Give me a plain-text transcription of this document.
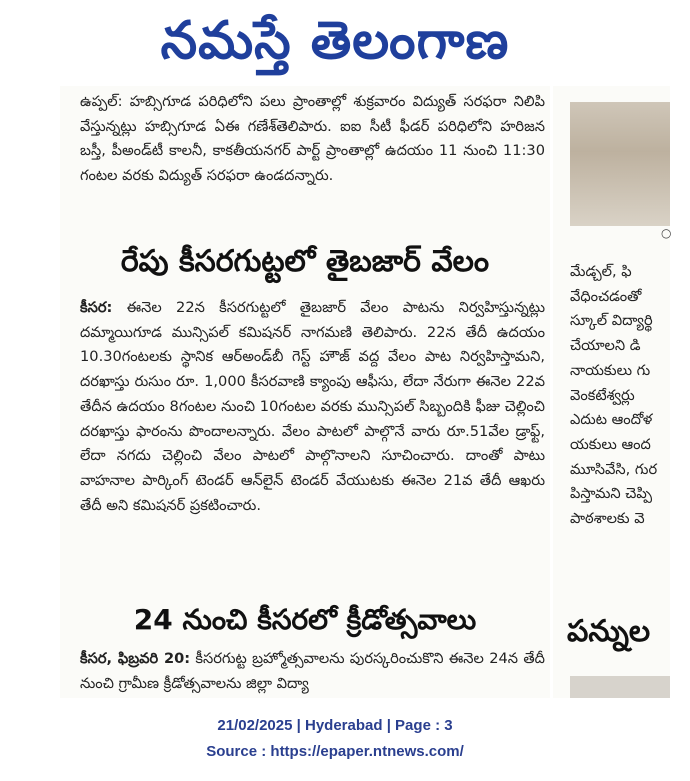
నమస్తే తెలంగాణ

ఉప్పల్: హబ్సిగూడ పరిధిలోని పలు ప్రాంతాల్లో శుక్రవారం విద్యుత్ సరఫరా నిలిపి వేస్తున్నట్లు హబ్సిగూడ ఏఈ గణేశ్‌తెలిపారు. ఐఐ సీటీ ఫీడర్ పరిధిలోని హరిజన బస్తీ, పీఅండ్‌టీ కాలనీ, కాకతీయనగర్ పార్ట్ ప్రాంతాల్లో ఉదయం 11 నుంచి 11:30 గంటల వరకు విద్యుత్ సరఫరా ఉండదన్నారు.

రేపు కీసరగుట్టలో తైబజార్ వేలం

కీసర: ఈనెల 22న కీసరగుట్టలో తైబజార్ వేలం పాటను నిర్వహిస్తున్నట్లు దమ్మాయిగూడ మున్సిపల్ కమిషనర్ నాగమణి తెలిపారు. 22న తేదీ ఉదయం 10.30గంటలకు స్థానిక ఆర్‌అండ్‌బీ గెస్ట్ హౌజ్ వద్ద వేలం పాట నిర్వహిస్తామని, దరఖాస్తు రుసుం రూ. 1,000 కీసరవాణి క్యాంపు ఆఫీసు, లేదా నేరుగా ఈనెల 22వ తేదీన ఉదయం 8గంటల నుంచి 10గంటల వరకు మున్సిపల్ సిబ్బందికి ఫీజు చెల్లించి దరఖాస్తు ఫారంను పొందాలన్నారు. వేలం పాటలో పాల్గొనే వారు రూ.51వేల డ్రాఫ్ట్, లేదా నగదు చెల్లించి వేలం పాటలో పాల్గొనాలని సూచించారు. దాంతో పాటు వాహనాల పార్కింగ్ టెండర్ ఆన్‌లైన్ టెండర్ వేయుటకు ఈనెల 21వ తేదీ ఆఖరు తేదీ అని కమిషనర్ ప్రకటించారు.

24 నుంచి కీసరలో క్రీడోత్సవాలు

కీసర, ఫిబ్రవరి 20: కీసరగుట్ట బ్రహ్మోత్సవాలను పురస్కరించుకొని ఈనెల 24న తేదీ నుంచి గ్రామీణ క్రీడోత్సవాలను జిల్లా విద్యా

○

మేడ్చల్, ఫి
వేధించడంతో
స్కూల్ విద్యార్థి
చేయాలని డి
నాయకులు గు
వెంకటేశ్వర్లు
ఎదుట ఆందోళ
యకులు ఆంద
మూసివేసి, గుర
పిస్తామని చెప్పి
పాఠశాలకు వె

పన్నుల
21/02/2025 | Hyderabad | Page : 3
Source : https://epaper.ntnews.com/
